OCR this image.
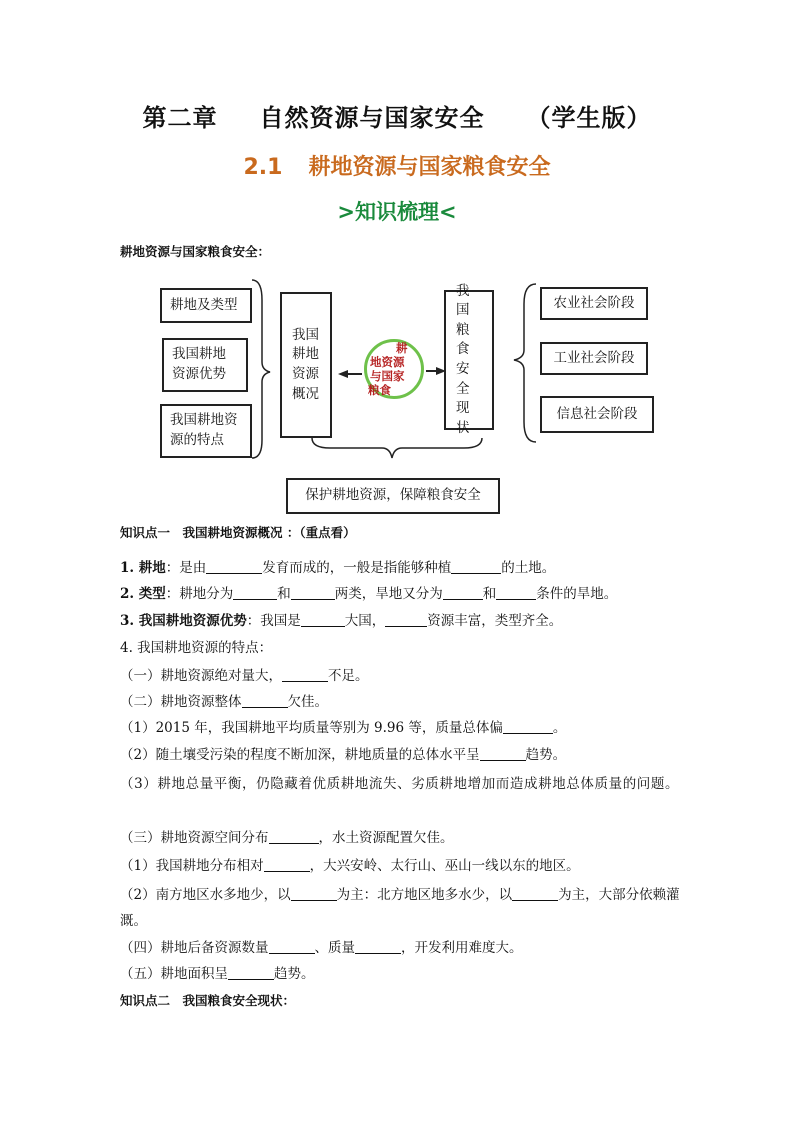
第二章 自然资源与国家安全 （学生版）
2.1 耕地资源与国家粮食安全
>知识梳理<
耕地资源与国家粮食安全：
耕地及类型
我国耕地资源优势
我国耕地资源的特点
我国耕地资源概况
耕
地资源
与国家
粮食
我国粮食安全现状
农业社会阶段
工业社会阶段
信息社会阶段
保护耕地资源，保障粮食安全
知识点一　我国耕地资源概况 ：（重点看）
1. 耕地：是由	发育而成的，一般是指能够种植	的土地。
2. 类型：耕地分为	和	两类，旱地又分为	和	条件的旱地。
3. 我国耕地资源优势：我国是	大国，	资源丰富，类型齐全。
4. 我国耕地资源的特点：
（一）耕地资源绝对量大，	不足。
（二）耕地资源整体	欠佳。
（1）2015 年，我国耕地平均质量等别为 9.96 等，质量总体偏	。
（2）随土壤受污染的程度不断加深，耕地质量的总体水平呈	趋势。
（3）耕地总量平衡，仍隐藏着优质耕地流失、劣质耕地增加而造成耕地总体质量的问题。
（三）耕地资源空间分布	，水土资源配置欠佳。
（1）我国耕地分布相对	，大兴安岭、太行山、巫山一线以东的地区。
（2）南方地区水多地少，以	为主：北方地区地多水少，以	为主，大部分依赖灌溉。
（四）耕地后备资源数量	、质量	，开发利用难度大。
（五）耕地面积呈	趋势。
知识点二　我国粮食安全现状：
